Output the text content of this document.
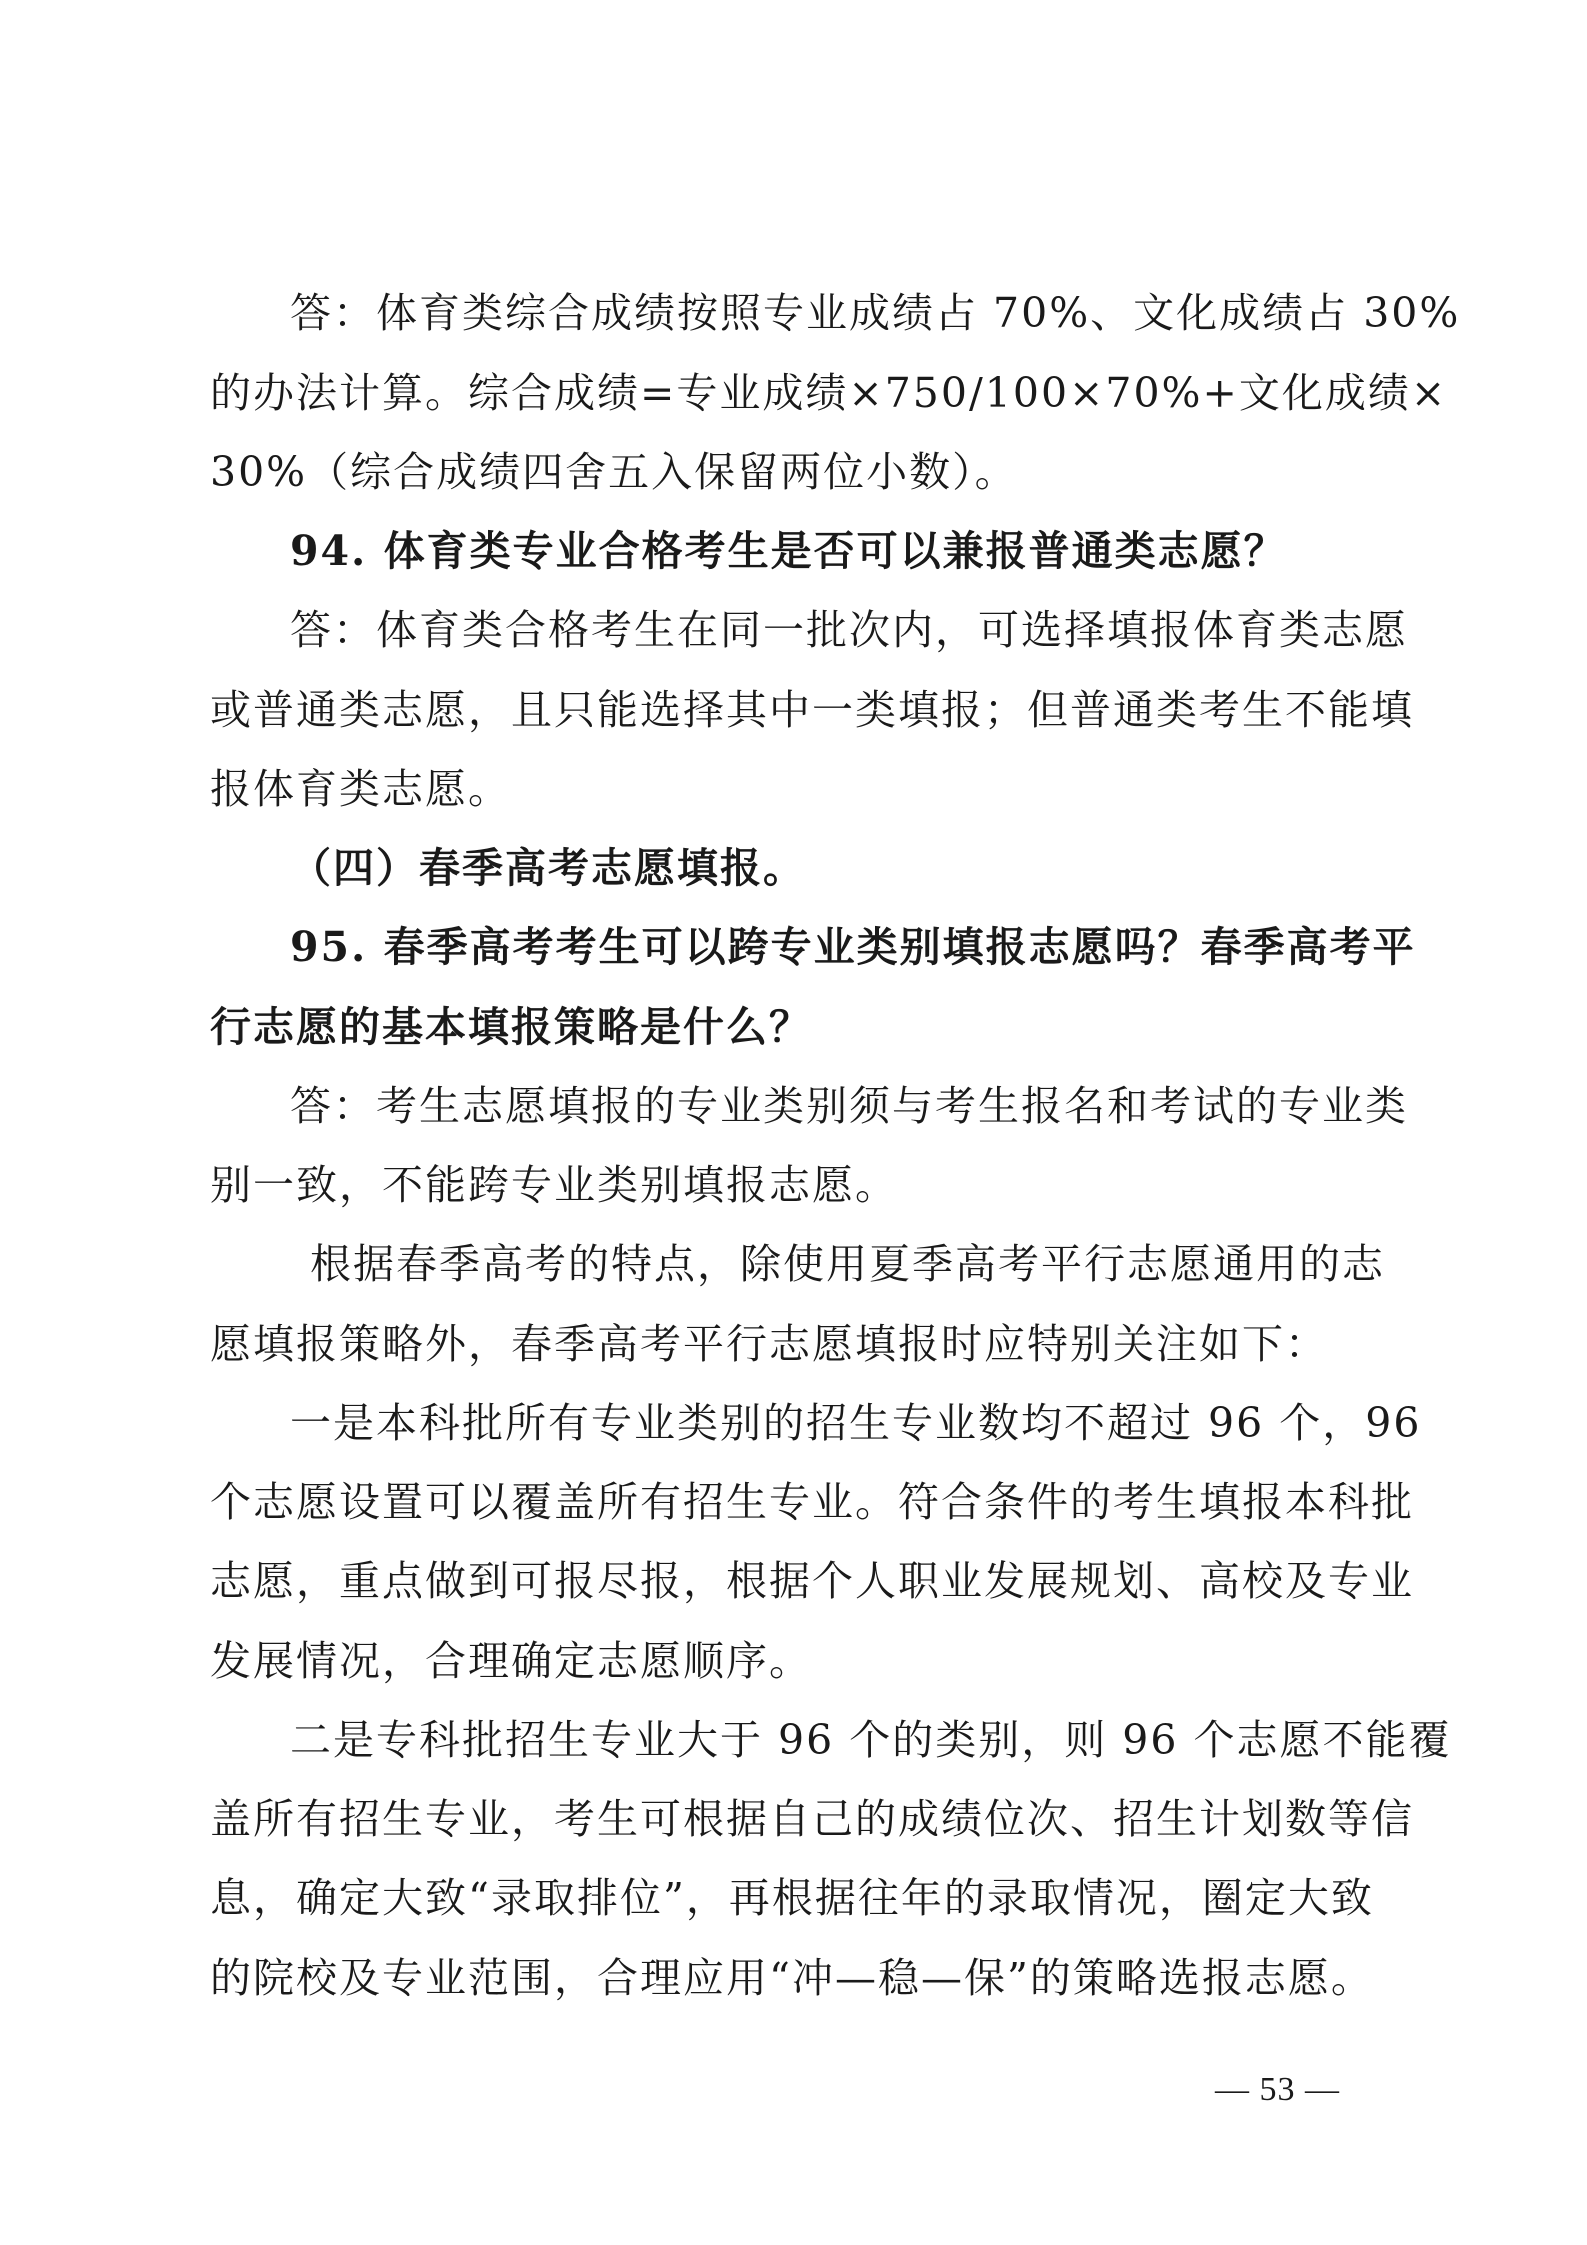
答：体育类综合成绩按照专业成绩占 70%、文化成绩占 30%
的办法计算。综合成绩=专业成绩×750/100×70%+文化成绩×
30%（综合成绩四舍五入保留两位小数）。
94. 体育类专业合格考生是否可以兼报普通类志愿？
答：体育类合格考生在同一批次内，可选择填报体育类志愿
或普通类志愿，且只能选择其中一类填报；但普通类考生不能填
报体育类志愿。
（四）春季高考志愿填报。
95. 春季高考考生可以跨专业类别填报志愿吗？春季高考平
行志愿的基本填报策略是什么？
答：考生志愿填报的专业类别须与考生报名和考试的专业类
别一致，不能跨专业类别填报志愿。
根据春季高考的特点，除使用夏季高考平行志愿通用的志
愿填报策略外，春季高考平行志愿填报时应特别关注如下：
一是本科批所有专业类别的招生专业数均不超过 96 个，96
个志愿设置可以覆盖所有招生专业。符合条件的考生填报本科批
志愿，重点做到可报尽报，根据个人职业发展规划、高校及专业
发展情况，合理确定志愿顺序。
二是专科批招生专业大于 96 个的类别，则 96 个志愿不能覆
盖所有招生专业，考生可根据自己的成绩位次、招生计划数等信
息，确定大致“录取排位”，再根据往年的录取情况，圈定大致
的院校及专业范围，合理应用“冲—稳—保”的策略选报志愿。
— 53 —
